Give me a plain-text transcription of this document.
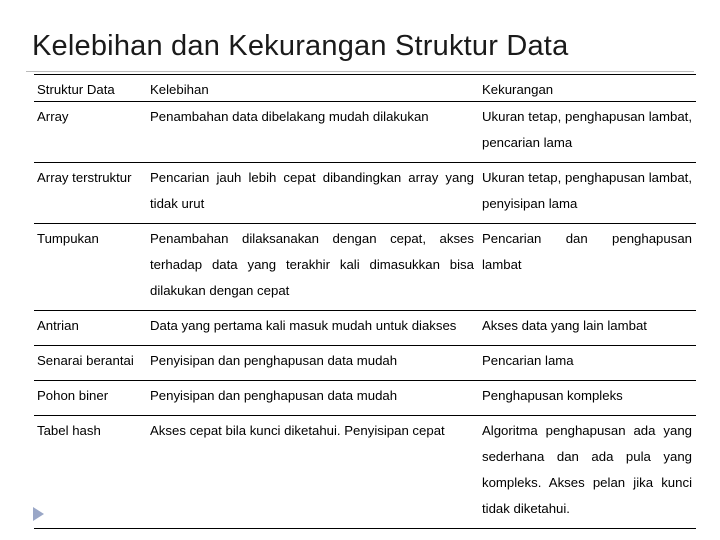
Kelebihan dan Kekurangan Struktur Data
Struktur Data	Kelebihan	Kekurangan
Array	Penambahan data dibelakang mudah dilakukan	Ukuran tetap, penghapusan lambat, pencarian lama
Array terstruktur	Pencarian jauh lebih cepat dibandingkan array yang tidak urut	Ukuran tetap, penghapusan lambat, penyisipan lama
Tumpukan	Penambahan dilaksanakan dengan cepat, akses terhadap data yang terakhir kali dimasukkan bisa dilakukan dengan cepat	Pencarian dan penghapusan lambat
Antrian	Data yang pertama kali masuk mudah untuk diakses	Akses data yang lain lambat
Senarai berantai	Penyisipan dan penghapusan data mudah	Pencarian lama
Pohon biner	Penyisipan dan penghapusan data mudah	Penghapusan kompleks
Tabel hash	Akses cepat bila kunci diketahui. Penyisipan cepat	Algoritma penghapusan ada yang sederhana dan ada pula yang kompleks. Akses pelan jika kunci tidak diketahui.
